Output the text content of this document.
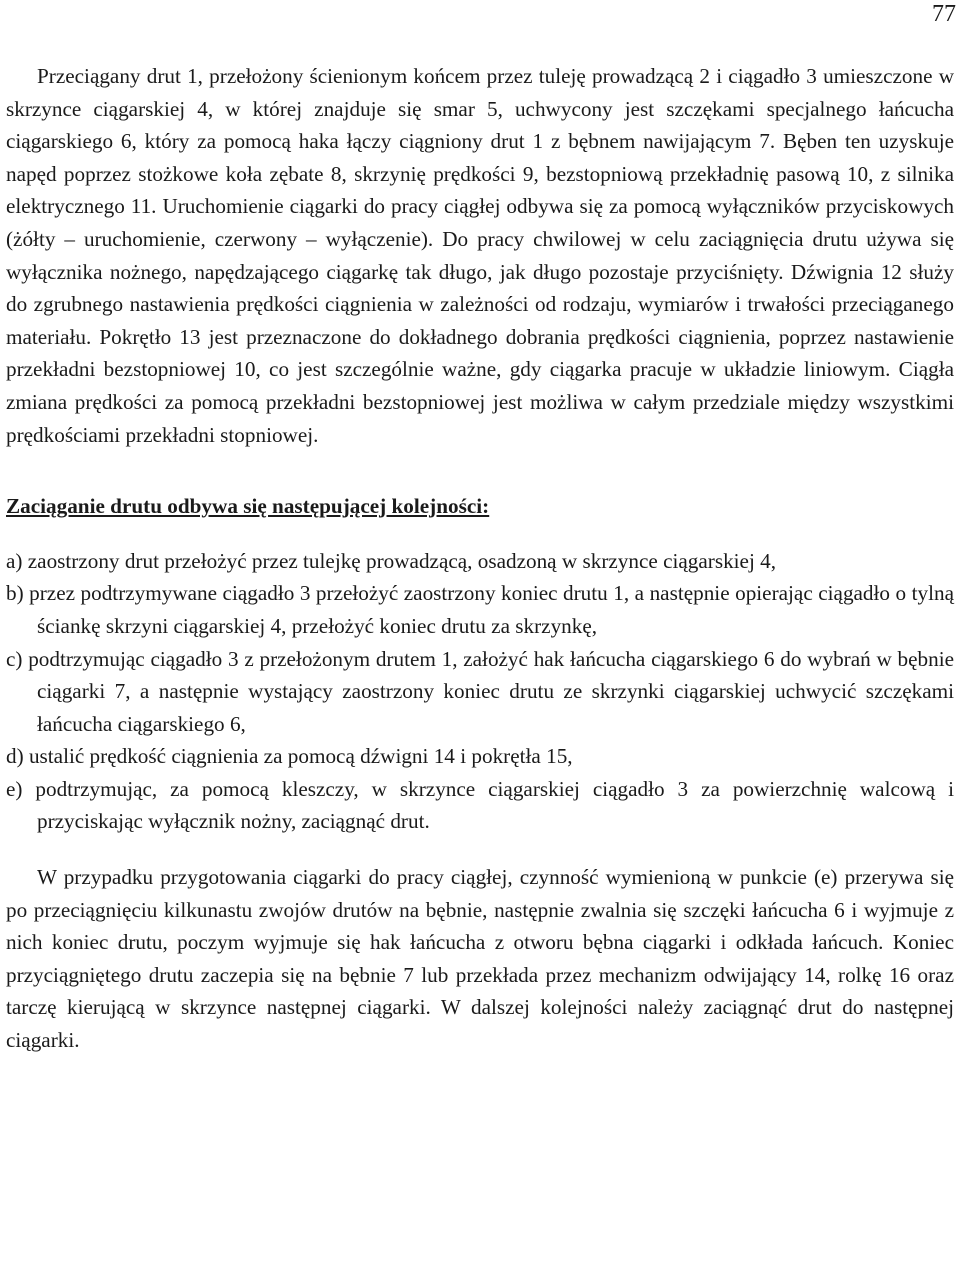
77

Przeciągany drut 1, przełożony ścienionym końcem przez tuleję prowadzącą 2 i ciągadło 3 umieszczone w skrzynce ciągarskiej 4, w której znajduje się smar 5, uchwycony jest szczękami specjalnego łańcucha ciągarskiego 6, który za pomocą haka łączy ciągniony drut 1 z bębnem nawijającym 7. Bęben ten uzyskuje napęd poprzez stożkowe koła zębate 8, skrzynię prędkości 9, bezstopniową przekładnię pasową 10, z silnika elektrycznego 11. Uruchomienie ciągarki do pracy ciągłej odbywa się za pomocą wyłączników przyciskowych (żółty – uruchomienie, czerwony – wyłączenie). Do pracy chwilowej w celu zaciągnięcia drutu używa się wyłącznika nożnego, napędzającego ciągarkę tak długo, jak długo pozostaje przyciśnięty. Dźwignia 12 służy do zgrubnego nastawienia prędkości ciągnienia w zależności od rodzaju, wymiarów i trwałości przeciąganego materiału. Pokrętło 13 jest przeznaczone do dokładnego dobrania prędkości ciągnienia, poprzez nastawienie przekładni bezstopniowej 10, co jest szczególnie ważne, gdy ciągarka pracuje w układzie liniowym. Ciągła zmiana prędkości za pomocą przekładni bezstopniowej jest możliwa w całym przedziale między wszystkimi prędkościami przekładni stopniowej.

Zaciąganie drutu odbywa się następującej kolejności:

a) zaostrzony drut przełożyć przez tulejkę prowadzącą, osadzoną w skrzynce ciągarskiej 4,
b) przez podtrzymywane ciągadło 3 przełożyć zaostrzony koniec drutu 1, a następnie opierając ciągadło o tylną ściankę skrzyni ciągarskiej 4, przełożyć koniec drutu za skrzynkę,
c) podtrzymując ciągadło 3 z przełożonym drutem 1, założyć hak łańcucha ciągarskiego 6 do wybrań w bębnie ciągarki 7, a następnie wystający zaostrzony koniec drutu ze skrzynki ciągarskiej uchwycić szczękami łańcucha ciągarskiego 6,
d) ustalić prędkość ciągnienia za pomocą dźwigni 14 i pokrętła 15,
e) podtrzymując, za pomocą kleszczy, w skrzynce ciągarskiej ciągadło 3 za powierzchnię walcową i przyciskając wyłącznik nożny, zaciągnąć drut.

W przypadku przygotowania ciągarki do pracy ciągłej, czynność wymienioną w punkcie (e) przerywa się po przeciągnięciu kilkunastu zwojów drutów na bębnie, następnie zwalnia się szczęki łańcucha 6 i wyjmuje z nich koniec drutu, poczym wyjmuje się hak łańcucha z otworu bębna ciągarki i odkłada łańcuch. Koniec przyciągniętego drutu zaczepia się na bębnie 7 lub przekłada przez mechanizm odwijający 14, rolkę 16 oraz tarczę kierującą w skrzynce następnej ciągarki. W dalszej kolejności należy zaciągnąć drut do następnej ciągarki.
